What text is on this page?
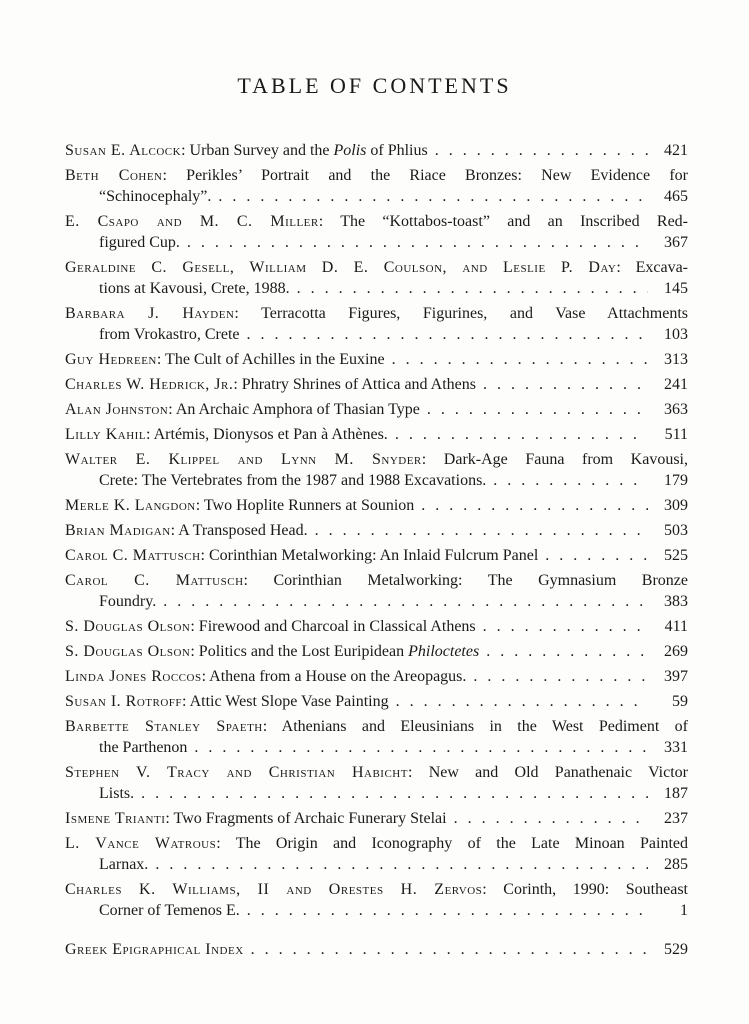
TABLE OF CONTENTS
Susan E. Alcock: Urban Survey and the Polis of Phlius . . .	421
Beth Cohen: Perikles’ Portrait and the Riace Bronzes: New Evidence for
“Schinocephaly”. . . .	465
E. Csapo and M. C. Miller: The “Kottabos-toast” and an Inscribed Red-
figured Cup. . . .	367
Geraldine C. Gesell, William D. E. Coulson, and Leslie P. Day: Excava-
tions at Kavousi, Crete, 1988. . . .	145
Barbara J. Hayden: Terracotta Figures, Figurines, and Vase Attachments
from Vrokastro, Crete . . .	103
Guy Hedreen: The Cult of Achilles in the Euxine . . .	313
Charles W. Hedrick, Jr.: Phratry Shrines of Attica and Athens . . .	241
Alan Johnston: An Archaic Amphora of Thasian Type . . .	363
Lilly Kahil: Artémis, Dionysos et Pan à Athènes. . . .	511
Walter E. Klippel and Lynn M. Snyder: Dark-Age Fauna from Kavousi,
Crete: The Vertebrates from the 1987 and 1988 Excavations. . . .	179
Merle K. Langdon: Two Hoplite Runners at Sounion . . .	309
Brian Madigan: A Transposed Head. . . .	503
Carol C. Mattusch: Corinthian Metalworking: An Inlaid Fulcrum Panel . . .	525
Carol C. Mattusch: Corinthian Metalworking: The Gymnasium Bronze
Foundry. . . .	383
S. Douglas Olson: Firewood and Charcoal in Classical Athens . . .	411
S. Douglas Olson: Politics and the Lost Euripidean Philoctetes . . .	269
Linda Jones Roccos: Athena from a House on the Areopagus. . . .	397
Susan I. Rotroff: Attic West Slope Vase Painting . . .	59
Barbette Stanley Spaeth: Athenians and Eleusinians in the West Pediment of
the Parthenon . . .	331
Stephen V. Tracy and Christian Habicht: New and Old Panathenaic Victor
Lists. . . .	187
Ismene Trianti: Two Fragments of Archaic Funerary Stelai . . .	237
L. Vance Watrous: The Origin and Iconography of the Late Minoan Painted
Larnax. . . .	285
Charles K. Williams, II and Orestes H. Zervos: Corinth, 1990: Southeast
Corner of Temenos E. . . .	1
Greek Epigraphical Index . . .	529
